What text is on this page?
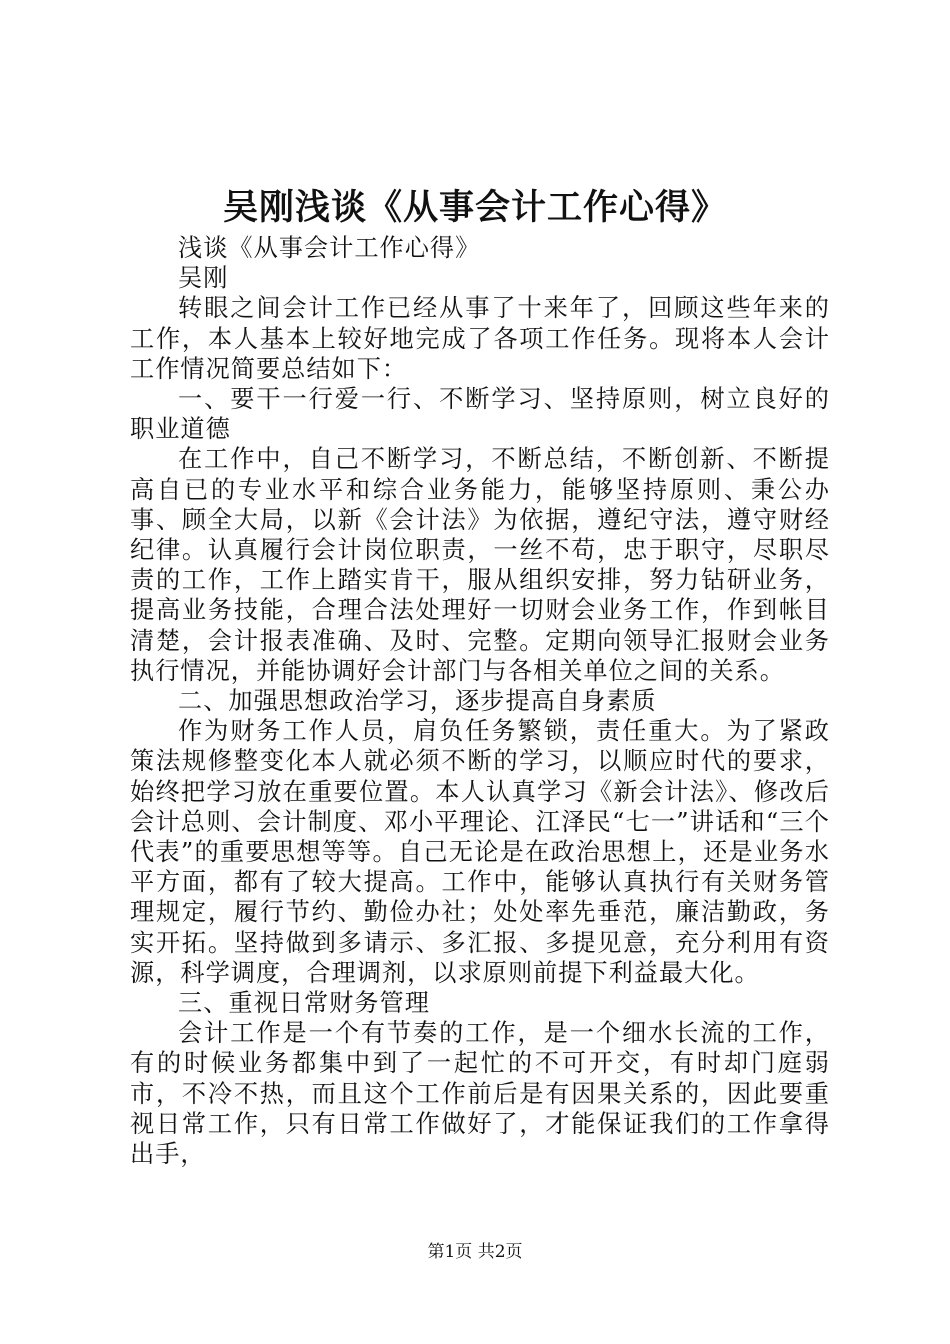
吴刚浅谈《从事会计工作心得》

浅谈《从事会计工作心得》

吴刚

转眼之间会计工作已经从事了十来年了，回顾这些年来的工作，本人基本上较好地完成了各项工作任务。现将本人会计工作情况简要总结如下：

一、要干一行爱一行、不断学习、坚持原则，树立良好的职业道德

在工作中，自己不断学习，不断总结，不断创新、不断提高自已的专业水平和综合业务能力，能够坚持原则、秉公办事、顾全大局，以新《会计法》为依据，遵纪守法，遵守财经纪律。认真履行会计岗位职责，一丝不苟，忠于职守，尽职尽责的工作，工作上踏实肯干，服从组织安排，努力钻研业务，提高业务技能，合理合法处理好一切财会业务工作，作到帐目清楚，会计报表准确、及时、完整。定期向领导汇报财会业务执行情况，并能协调好会计部门与各相关单位之间的关系。

二、加强思想政治学习，逐步提高自身素质

作为财务工作人员，肩负任务繁锁，责任重大。为了紧政策法规修整变化本人就必须不断的学习，以顺应时代的要求，始终把学习放在重要位置。本人认真学习《新会计法》、修改后会计总则、会计制度、邓小平理论、江泽民“七一”讲话和“三个代表”的重要思想等等。自己无论是在政治思想上，还是业务水平方面，都有了较大提高。工作中，能够认真执行有关财务管理规定，履行节约、勤俭办社；处处率先垂范，廉洁勤政，务实开拓。坚持做到多请示、多汇报、多提见意，充分利用有资源，科学调度，合理调剂，以求原则前提下利益最大化。

三、重视日常财务管理

会计工作是一个有节奏的工作，是一个细水长流的工作，有的时候业务都集中到了一起忙的不可开交，有时却门庭弱市，不冷不热，而且这个工作前后是有因果关系的，因此要重视日常工作，只有日常工作做好了，才能保证我们的工作拿得出手，

第1页 共2页
